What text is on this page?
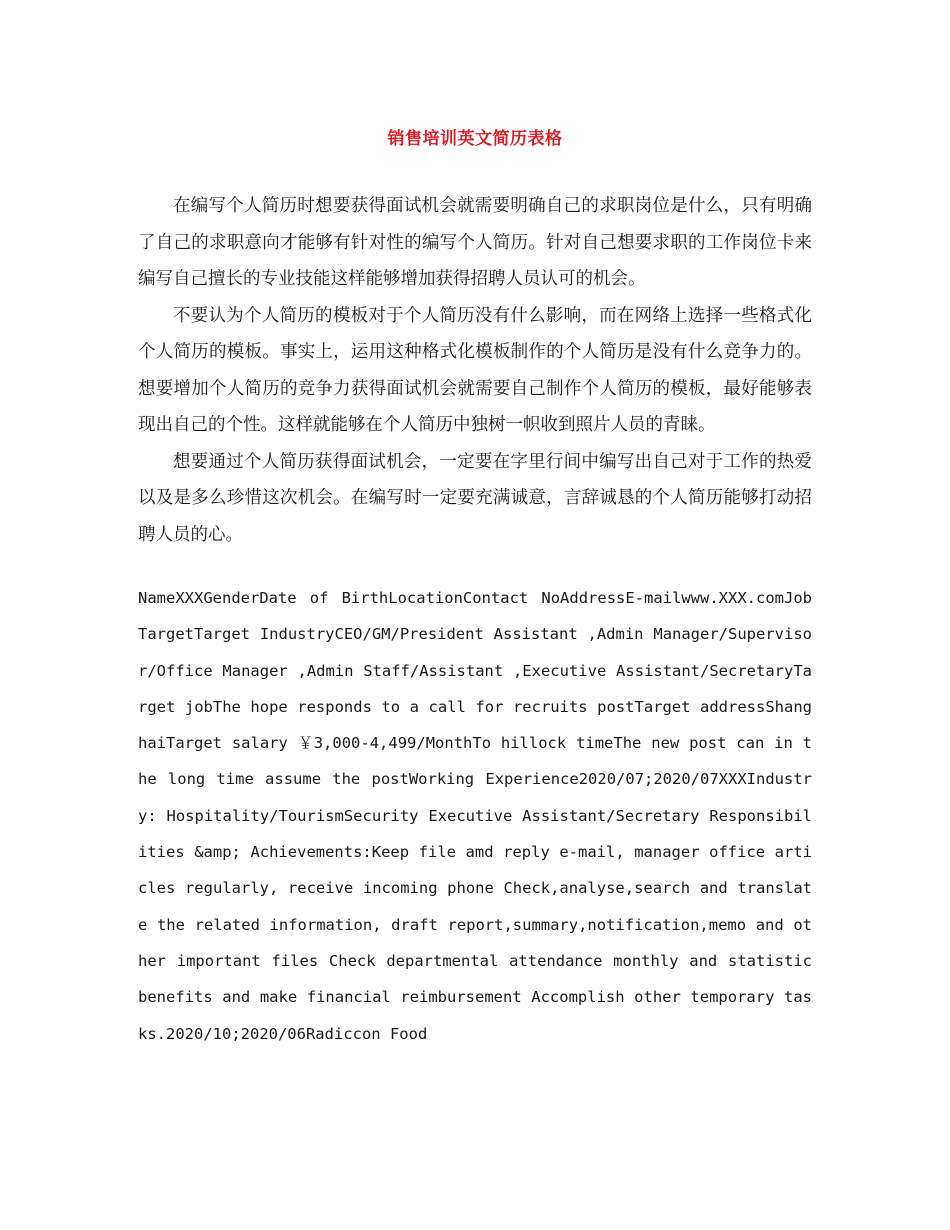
销售培训英文简历表格

在编写个人简历时想要获得面试机会就需要明确自己的求职岗位是什么，只有明确了自己的求职意向才能够有针对性的编写个人简历。针对自己想要求职的工作岗位卡来编写自己擅长的专业技能这样能够增加获得招聘人员认可的机会。

不要认为个人简历的模板对于个人简历没有什么影响，而在网络上选择一些格式化个人简历的模板。事实上，运用这种格式化模板制作的个人简历是没有什么竞争力的。想要增加个人简历的竞争力获得面试机会就需要自己制作个人简历的模板，最好能够表现出自己的个性。这样就能够在个人简历中独树一帜收到照片人员的青睐。

想要通过个人简历获得面试机会，一定要在字里行间中编写出自己对于工作的热爱以及是多么珍惜这次机会。在编写时一定要充满诚意，言辞诚恳的个人简历能够打动招聘人员的心。

NameXXXGenderDate of BirthLocationContact NoAddressE-mailwww.XXX.comJob TargetTarget IndustryCEO/GM/President Assistant ,Admin Manager/Supervisor/Office Manager ,Admin Staff/Assistant ,Executive Assistant/SecretaryTarget jobThe hope responds to a call for recruits postTarget addressShanghaiTarget salary ￥3,000-4,499/MonthTo hillock timeThe new post can in the long time assume the postWorking Experience2020/07;2020/07XXXIndustry: Hospitality/TourismSecurity Executive Assistant/Secretary Responsibilities &amp; Achievements:Keep file amd reply e-mail, manager office articles regularly, receive incoming phone Check,analyse,search and translate the related information, draft report,summary,notification,memo and other important files Check departmental attendance monthly and statistic benefits and make financial reimbursement Accomplish other temporary tasks.2020/10;2020/06Radiccon Food
